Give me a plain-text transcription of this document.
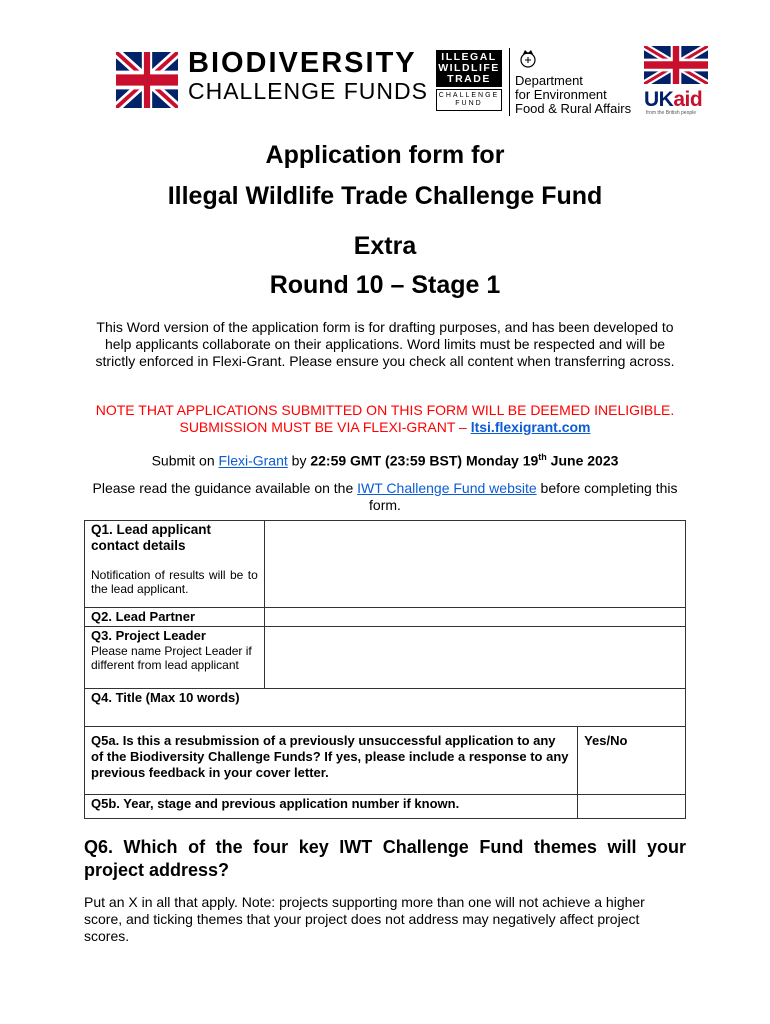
BIODIVERSITY
CHALLENGE FUNDS
ILLEGAL
WILDLIFE
TRADE
CHALLENGE
FUND
Department
for Environment
Food & Rural Affairs UKaid
from the British people
Application form for
Illegal Wildlife Trade Challenge Fund
Extra
Round 10 – Stage 1
This Word version of the application form is for drafting purposes, and has been developed to help applicants collaborate on their applications. Word limits must be respected and will be strictly enforced in Flexi-Grant. Please ensure you check all content when transferring across.
NOTE THAT APPLICATIONS SUBMITTED ON THIS FORM WILL BE DEEMED INELIGIBLE. SUBMISSION MUST BE VIA FLEXI-GRANT – ltsi.flexigrant.com
Submit on Flexi-Grant by 22:59 GMT (23:59 BST) Monday 19th June 2023
Please read the guidance available on the IWT Challenge Fund website before completing this form.
Q1. Lead applicant contact details
Notification of results will be to the lead applicant.		

Q2. Lead Partner		

Q3. Project Leader
Please name Project Leader if different from lead applicant		

Q4. Title (Max 10 words)		
Q5a. Is this a resubmission of a previously unsuccessful application to any of the Biodiversity Challenge Funds? If yes, please include a response to any previous feedback in your cover letter.		Yes/No
Q5b. Year, stage and previous application number if known.		
Q6. Which of the four key IWT Challenge Fund themes will your project address?
Put an X in all that apply. Note: projects supporting more than one will not achieve a higher score, and ticking themes that your project does not address may negatively affect project scores.
